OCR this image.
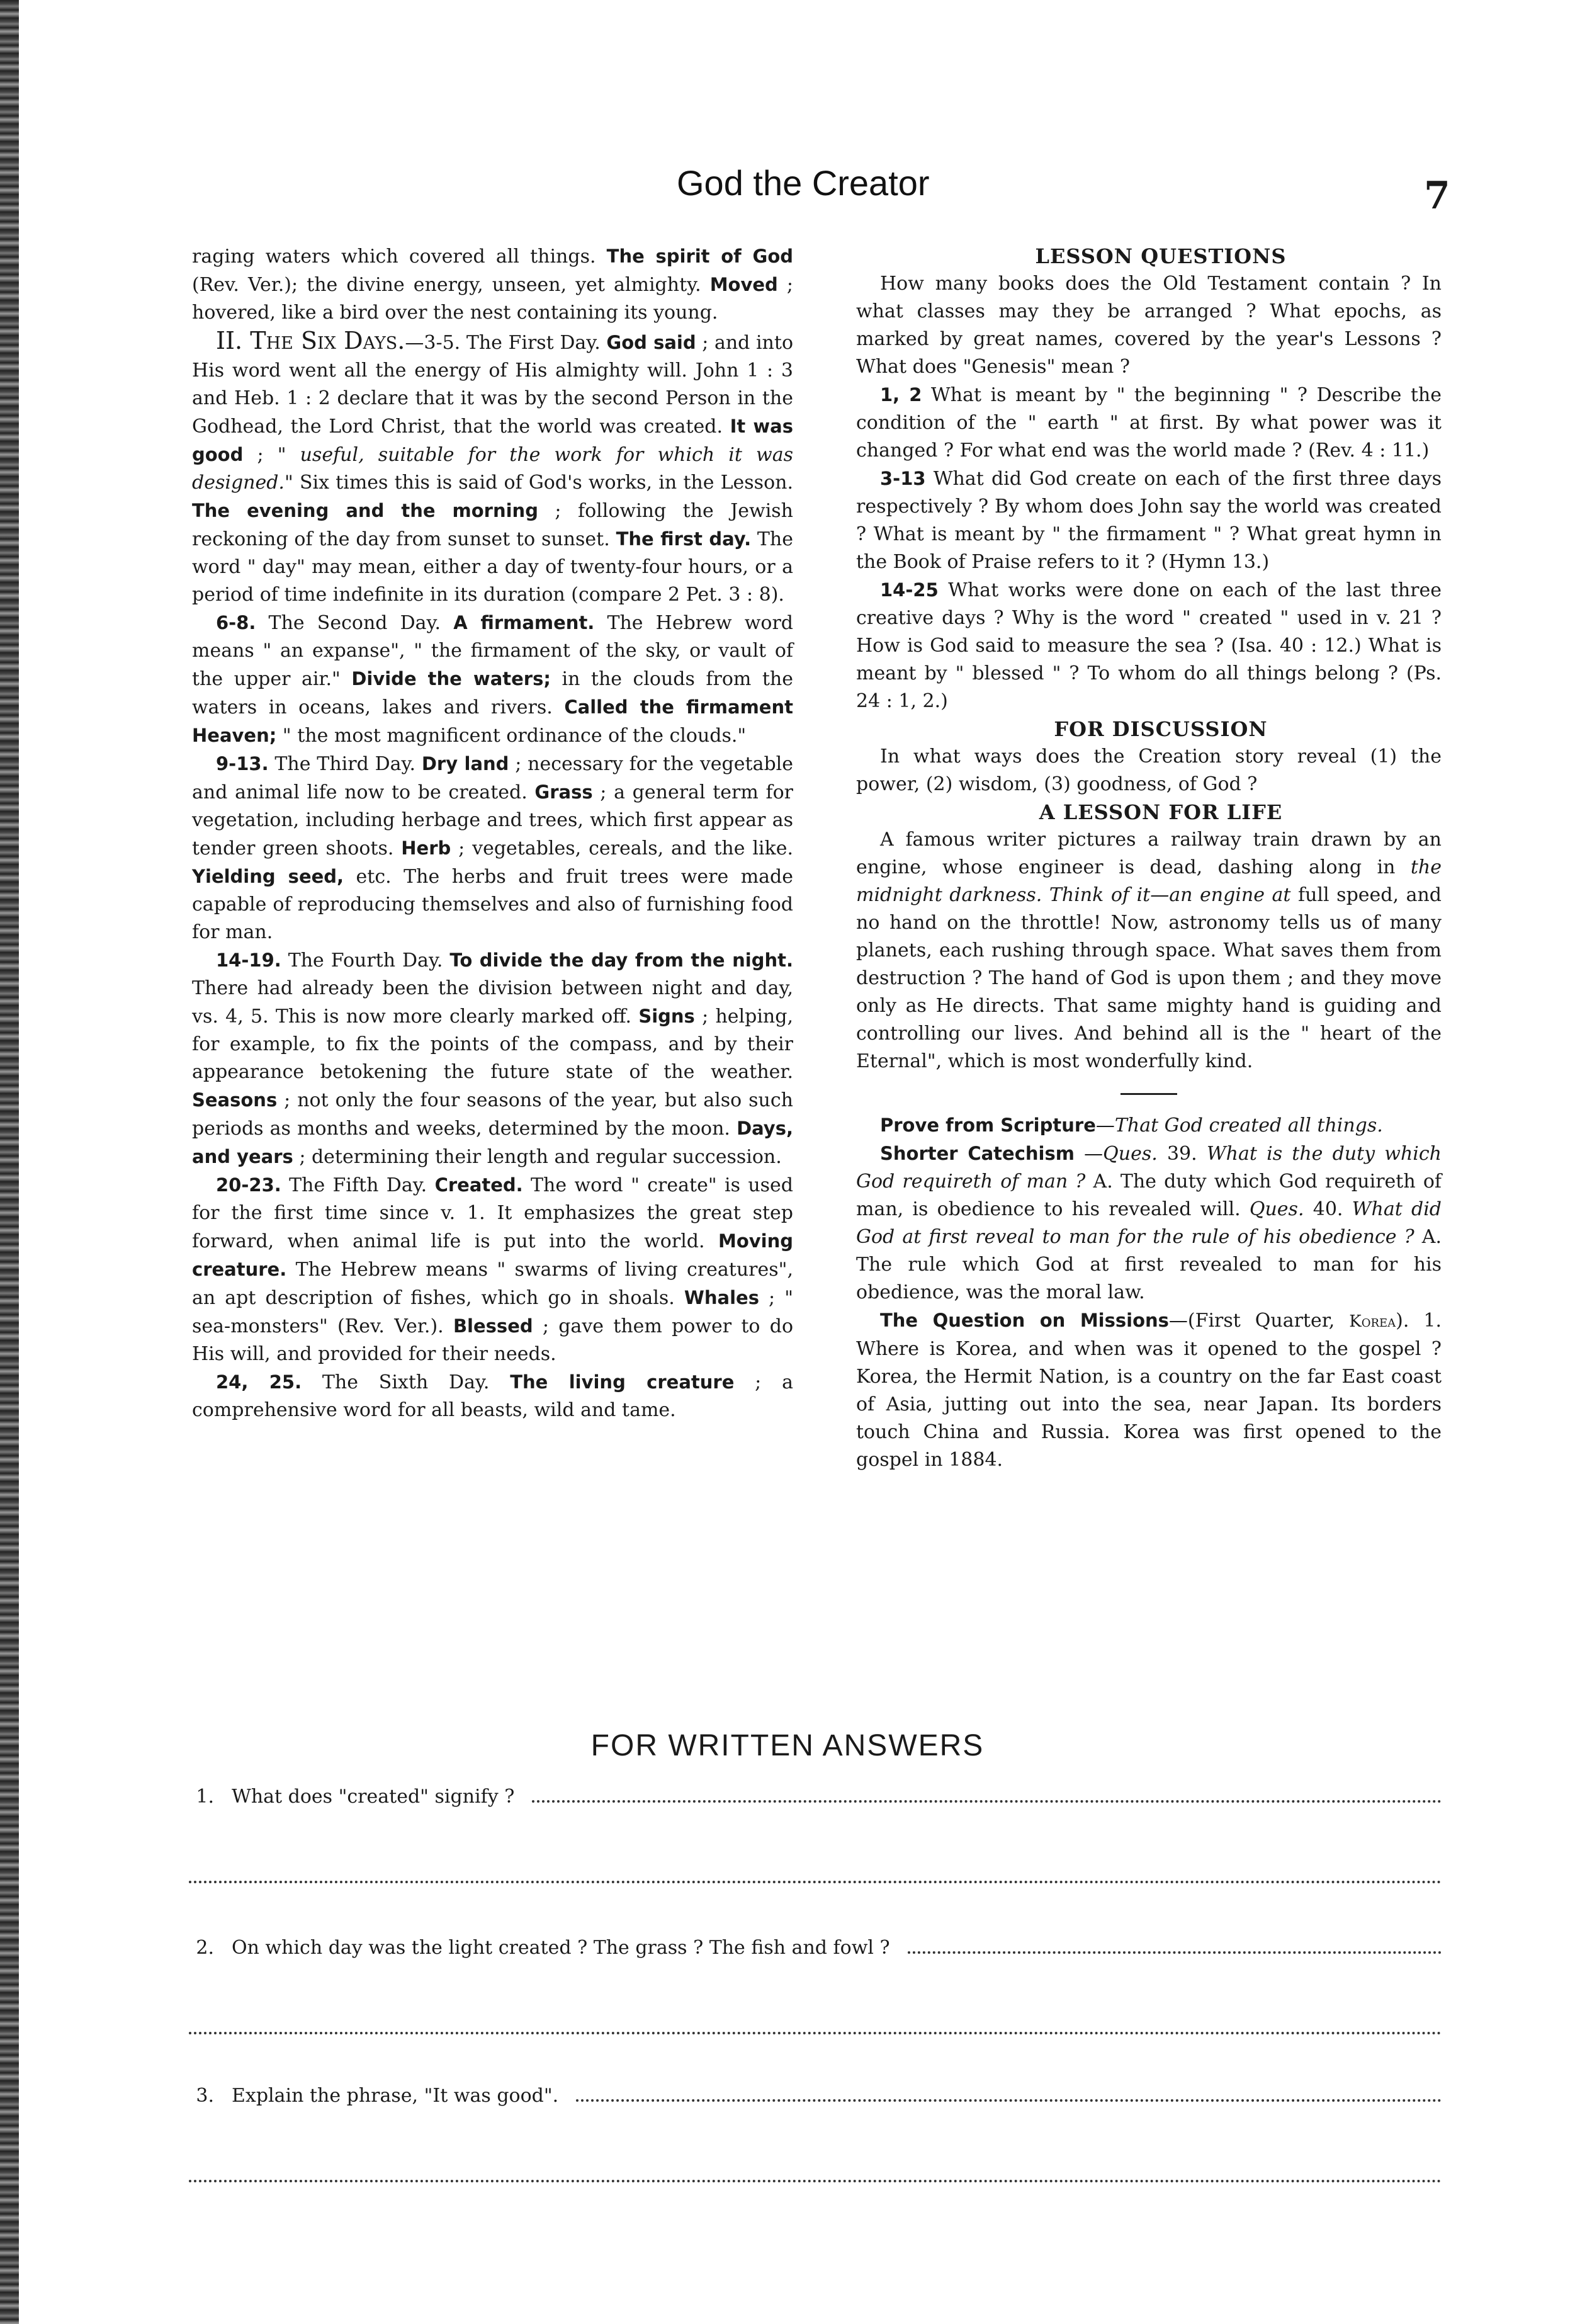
God the Creator	7

raging waters which covered all things. The spirit of God (Rev. Ver.); the divine energy, unseen, yet almighty. Moved ; hovered, like a bird over the nest containing its young.

II. The Six Days.—3-5. The First Day. God said ; and into His word went all the energy of His almighty will. John 1 : 3 and Heb. 1 : 2 declare that it was by the second Person in the Godhead, the Lord Christ, that the world was created. It was good ; " useful, suitable for the work for which it was designed." Six times this is said of God's works, in the Lesson. The evening and the morning ; following the Jewish reckoning of the day from sunset to sunset. The first day. The word " day" may mean, either a day of twenty-four hours, or a period of time indefinite in its duration (compare 2 Pet. 3 : 8).

6-8. The Second Day. A firmament. The Hebrew word means " an expanse", " the firmament of the sky, or vault of the upper air." Divide the waters; in the clouds from the waters in oceans, lakes and rivers. Called the firmament Heaven; " the most magnificent ordinance of the clouds."

9-13. The Third Day. Dry land ; necessary for the vegetable and animal life now to be created. Grass ; a general term for vegetation, including herbage and trees, which first appear as tender green shoots. Herb ; vegetables, cereals, and the like. Yielding seed, etc. The herbs and fruit trees were made capable of reproducing themselves and also of furnishing food for man.

14-19. The Fourth Day. To divide the day from the night. There had already been the division between night and day, vs. 4, 5. This is now more clearly marked off. Signs ; helping, for example, to fix the points of the compass, and by their appearance betokening the future state of the weather. Seasons ; not only the four seasons of the year, but also such periods as months and weeks, determined by the moon. Days, and years ; determining their length and regular succession.

20-23. The Fifth Day. Created. The word " create" is used for the first time since v. 1. It emphasizes the great step forward, when animal life is put into the world. Moving creature. The Hebrew means " swarms of living creatures", an apt description of fishes, which go in shoals. Whales ; " sea-monsters" (Rev. Ver.). Blessed ; gave them power to do His will, and provided for their needs.

24, 25. The Sixth Day. The living creature ; a comprehensive word for all beasts, wild and tame.

LESSON QUESTIONS

How many books does the Old Testament contain ? In what classes may they be arranged ? What epochs, as marked by great names, covered by the year's Lessons ? What does "Genesis" mean ?

1, 2 What is meant by " the beginning " ? Describe the condition of the " earth " at first. By what power was it changed ? For what end was the world made ? (Rev. 4 : 11.)

3-13 What did God create on each of the first three days respectively ? By whom does John say the world was created ? What is meant by " the firmament " ? What great hymn in the Book of Praise refers to it ? (Hymn 13.)

14-25 What works were done on each of the last three creative days ? Why is the word " created " used in v. 21 ? How is God said to measure the sea ? (Isa. 40 : 12.) What is meant by " blessed " ? To whom do all things belong ? (Ps. 24 : 1, 2.)

FOR DISCUSSION

In what ways does the Creation story reveal (1) the power, (2) wisdom, (3) goodness, of God ?

A LESSON FOR LIFE

A famous writer pictures a railway train drawn by an engine, whose engineer is dead, dashing along in the midnight darkness. Think of it—an engine at full speed, and no hand on the throttle! Now, astronomy tells us of many planets, each rushing through space. What saves them from destruction ? The hand of God is upon them ; and they move only as He directs. That same mighty hand is guiding and controlling our lives. And behind all is the " heart of the Eternal", which is most wonderfully kind.

Prove from Scripture—That God created all things.

Shorter Catechism —Ques. 39. What is the duty which God requireth of man ? A. The duty which God requireth of man, is obedience to his revealed will. Ques. 40. What did God at first reveal to man for the rule of his obedience ? A. The rule which God at first revealed to man for his obedience, was the moral law.

The Question on Missions—(First Quarter, Korea). 1. Where is Korea, and when was it opened to the gospel ? Korea, the Hermit Nation, is a country on the far East coast of Asia, jutting out into the sea, near Japan. Its borders touch China and Russia. Korea was first opened to the gospel in 1884.

FOR WRITTEN ANSWERS
1. What does "created" signify ?
2. On which day was the light created ? The grass ? The fish and fowl ?
3. Explain the phrase, "It was good".
